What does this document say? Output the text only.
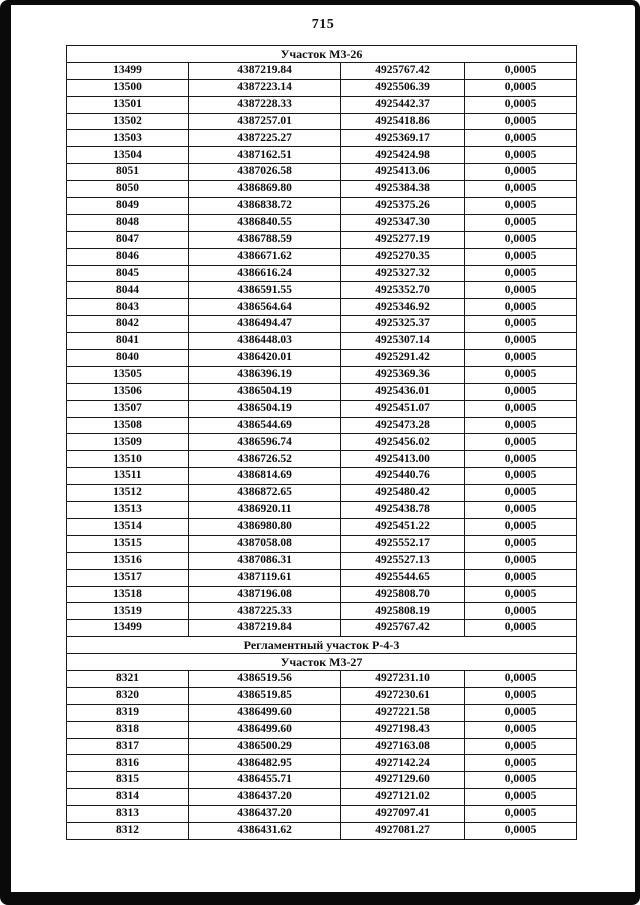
715
Участок М3-26			
13499	4387219.84	4925767.42	0,0005
13500	4387223.14	4925506.39	0,0005
13501	4387228.33	4925442.37	0,0005
13502	4387257.01	4925418.86	0,0005
13503	4387225.27	4925369.17	0,0005
13504	4387162.51	4925424.98	0,0005
8051	4387026.58	4925413.06	0,0005
8050	4386869.80	4925384.38	0,0005
8049	4386838.72	4925375.26	0,0005
8048	4386840.55	4925347.30	0,0005
8047	4386788.59	4925277.19	0,0005
8046	4386671.62	4925270.35	0,0005
8045	4386616.24	4925327.32	0,0005
8044	4386591.55	4925352.70	0,0005
8043	4386564.64	4925346.92	0,0005
8042	4386494.47	4925325.37	0,0005
8041	4386448.03	4925307.14	0,0005
8040	4386420.01	4925291.42	0,0005
13505	4386396.19	4925369.36	0,0005
13506	4386504.19	4925436.01	0,0005
13507	4386504.19	4925451.07	0,0005
13508	4386544.69	4925473.28	0,0005
13509	4386596.74	4925456.02	0,0005
13510	4386726.52	4925413.00	0,0005
13511	4386814.69	4925440.76	0,0005
13512	4386872.65	4925480.42	0,0005
13513	4386920.11	4925438.78	0,0005
13514	4386980.80	4925451.22	0,0005
13515	4387058.08	4925552.17	0,0005
13516	4387086.31	4925527.13	0,0005
13517	4387119.61	4925544.65	0,0005
13518	4387196.08	4925808.70	0,0005
13519	4387225.33	4925808.19	0,0005
13499	4387219.84	4925767.42	0,0005
Регламентный участок Р-4-3			
Участок М3-27			
8321	4386519.56	4927231.10	0,0005
8320	4386519.85	4927230.61	0,0005
8319	4386499.60	4927221.58	0,0005
8318	4386499.60	4927198.43	0,0005
8317	4386500.29	4927163.08	0,0005
8316	4386482.95	4927142.24	0,0005
8315	4386455.71	4927129.60	0,0005
8314	4386437.20	4927121.02	0,0005
8313	4386437.20	4927097.41	0,0005
8312	4386431.62	4927081.27	0,0005
